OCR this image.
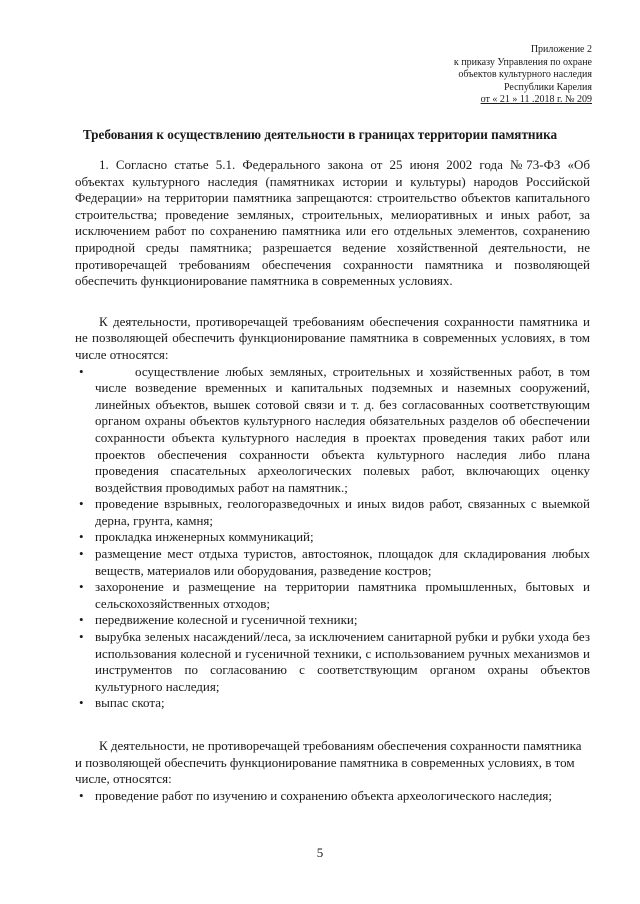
Приложение 2
к приказу Управления по охране
объектов культурного наследия
Республики Карелия
от « 21 » 11 .2018 г. № 209
Требования к осуществлению деятельности в границах территории памятника

1. Согласно статье 5.1. Федерального закона от 25 июня 2002 года №73-ФЗ «Об объектах культурного наследия (памятниках истории и культуры) народов Российской Федерации» на территории памятника запрещаются: строительство объектов капитального строительства; проведение земляных, строительных, мелиоративных и иных работ, за исключением работ по сохранению памятника или его отдельных элементов, сохранению природной среды памятника; разрешается ведение хозяйственной деятельности, не противоречащей требованиям обеспечения сохранности памятника и позволяющей обеспечить функционирование памятника в современных условиях.

К деятельности, противоречащей требованиям обеспечения сохранности памятника и не позволяющей обеспечить функционирование памятника в современных условиях, в том числе относятся:

•	осуществление любых земляных, строительных и хозяйственных работ, в том числе возведение временных и капитальных подземных и наземных сооружений, линейных объектов, вышек сотовой связи и т. д. без согласованных соответствующим органом охраны объектов культурного наследия обязательных разделов об обеспечении сохранности объекта культурного наследия в проектах проведения таких работ или проектов обеспечения сохранности объекта культурного наследия либо плана проведения спасательных археологических полевых работ, включающих оценку воздействия проводимых работ на памятник.;
• проведение взрывных, геологоразведочных и иных видов работ, связанных с выемкой дерна, грунта, камня;
• прокладка инженерных коммуникаций;
• размещение мест отдыха туристов, автостоянок, площадок для складирования любых веществ, материалов или оборудования, разведение костров;
• захоронение и размещение на территории памятника промышленных, бытовых и сельскохозяйственных отходов;
• передвижение колесной и гусеничной техники;
• вырубка зеленых насаждений/леса, за исключением санитарной рубки и рубки ухода без использования колесной и гусеничной техники, с использованием ручных механизмов и инструментов по согласованию с соответствующим органом охраны объектов культурного наследия;
• выпас скота;

К деятельности, не противоречащей требованиям обеспечения сохранности памятника и позволяющей обеспечить функционирование памятника в современных условиях, в том числе, относятся:

• проведение работ по изучению и сохранению объекта археологического наследия;
5
